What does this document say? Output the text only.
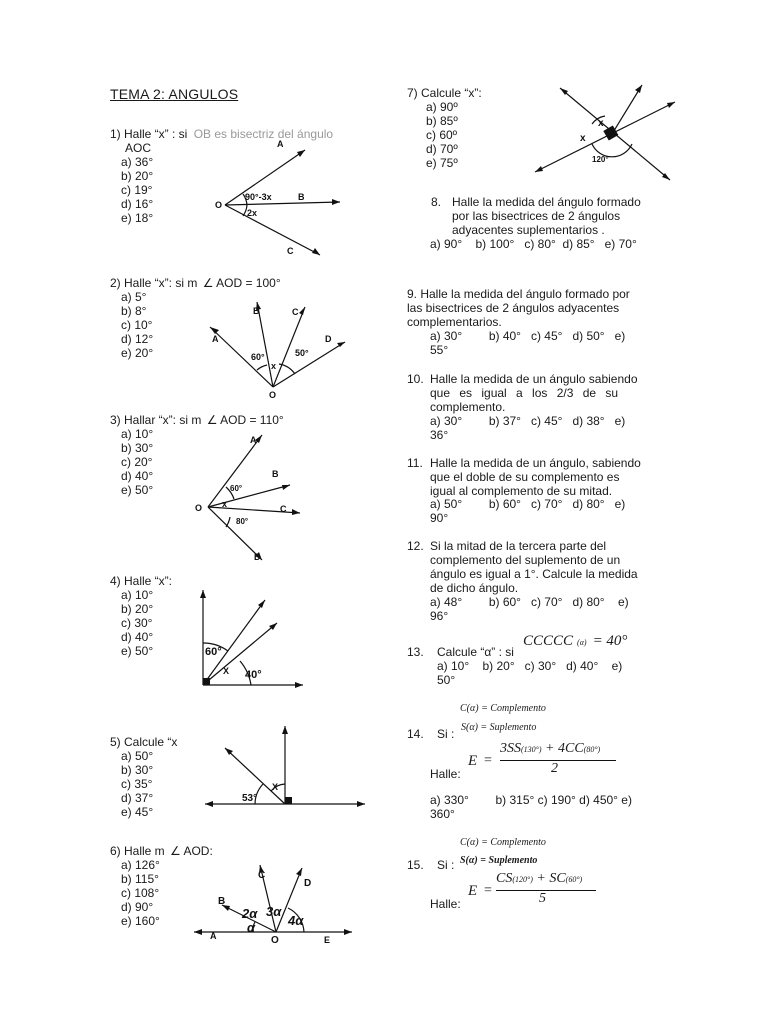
TEMA 2: ANGULOS
1) Halle “x” : si OB es bisectriz del ángulo
AOC
a) 36°
b) 20°
c) 19°
d) 16°
e) 18°
A
B
C
O
90°-3x
2x
2) Halle “x”: si m ∠ AOD = 100°
a) 5°
b) 8°
c) 10°
d) 12°
e) 20°
A
B	C
D
O
60°	50°
x
3) Hallar “x”: si m ∠ AOD = 110°
a) 10°
b) 30°
c) 20°
d) 40°
e) 50°
A
B
C
D
O
60°
x
80°
4) Halle “x”:
a) 10°
b) 20°
c) 30°
d) 40°
e) 50°	60°
X 40°
5) Calcule “x
a) 50°
b) 30°
c) 35°
d) 37°
e) 45°
53°
X
6) Halle m ∠ AOD:
a) 126°
b) 115°
c) 108°
d) 90°
e) 160°
A
B
C
D
E
O
α
2α 3α
4α
7) Calcule “x”:
a) 90º
b) 85º
c) 60º
d) 70º
e) 75º
x
x
120°
8. Halle la medida del ángulo formado
por las bisectrices de 2 ángulos
adyacentes suplementarios .
a) 90°    b) 100°   c) 80°  d) 85°   e) 70°
9. Halle la medida del ángulo formado por
las bisectrices de 2 ángulos adyacentes
complementarios.
a) 30°        b) 40°   c) 45°   d) 50°   e)
55°
10. Halle la medida de un ángulo sabiendo
que es igual a los 2/3 de su
complemento.
a) 30°        b) 37°   c) 45°   d) 38°   e)
36°
11. Halle la medida de un ángulo, sabiendo
que el doble de su complemento es
igual al complemento de su mitad.
a) 50°        b) 60°   c) 70°   d) 80°   e)
90°
12. Si la mitad de la tercera parte del
complemento del suplemento de un
ángulo es igual a 1°. Calcule la medida
de dicho ángulo.
a) 48°        b) 60°   c) 70°   d) 80°    e)
96°
13. Calcule “α” : si
CCCCC (α) = 40°
a) 10°    b) 20°   c) 30°   d) 40°    e)
50°
C(α) = Complemento
S(α) = Suplemento
14. Si :
Halle:
E =
3SS(130°) + 4CC(80°)
2
a) 330°        b) 315° c) 190° d) 450° e)
360°
C(α) = Complemento
S(α) = Suplemento
15. Si :
Halle:
E =
CS(120°) + SC(60°)
5
